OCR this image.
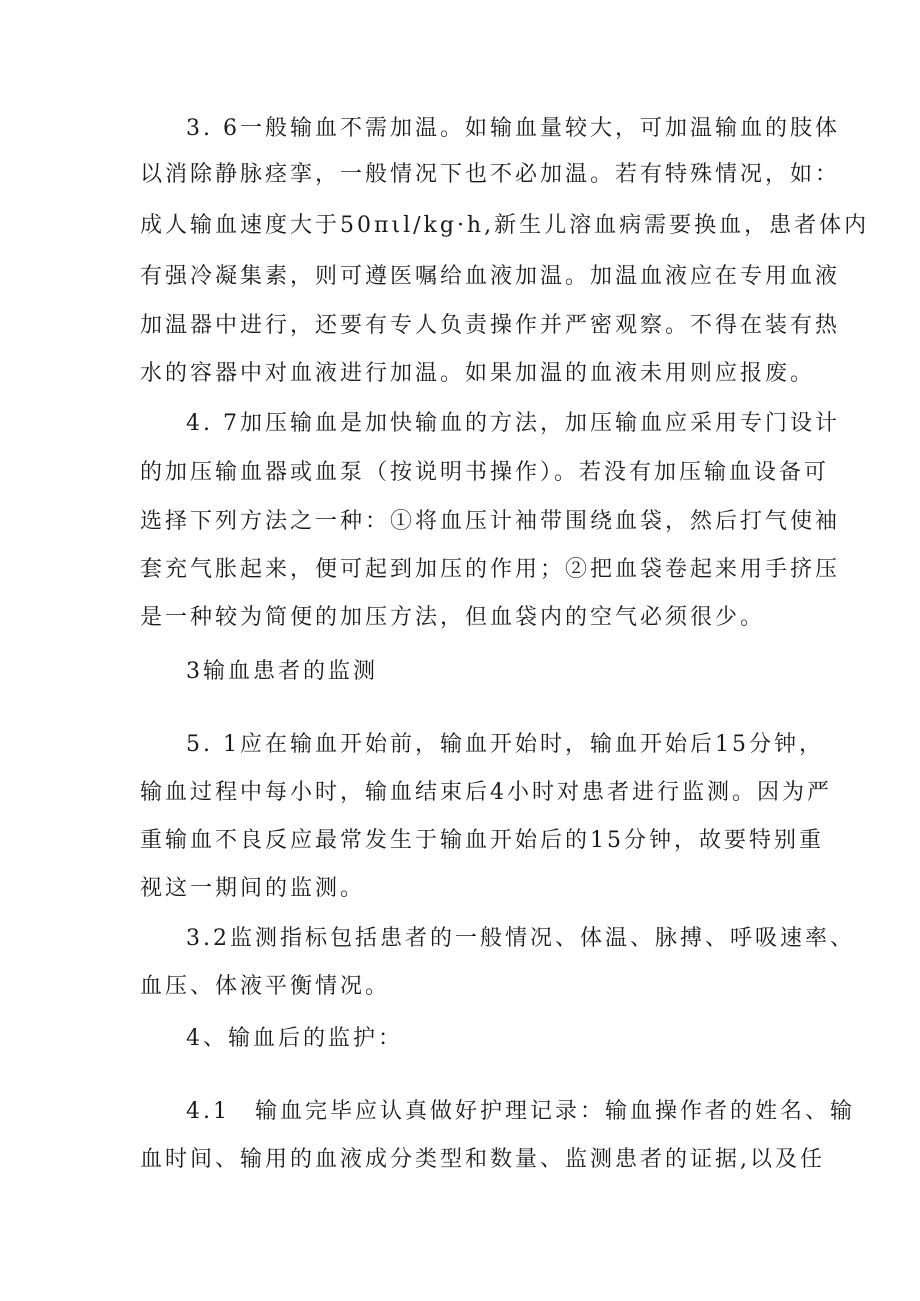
3. 6一般输血不需加温。如输血量较大，可加温输血的肢体
以消除静脉痉挛，一般情况下也不必加温。若有特殊情况，如：
成人输血速度大于50πιl∕kg·h,新生儿溶血病需要换血，患者体内
有强冷凝集素，则可遵医嘱给血液加温。加温血液应在专用血液
加温器中进行，还要有专人负责操作并严密观察。不得在装有热
水的容器中对血液进行加温。如果加温的血液未用则应报废。
4. 7加压输血是加快输血的方法，加压输血应采用专门设计
的加压输血器或血泵（按说明书操作）。若没有加压输血设备可
选择下列方法之一种：①将血压计袖带围绕血袋，然后打气使袖
套充气胀起来，便可起到加压的作用；②把血袋卷起来用手挤压
是一种较为简便的加压方法，但血袋内的空气必须很少。
3输血患者的监测
5. 1应在输血开始前，输血开始时，输血开始后15分钟，
输血过程中每小时，输血结束后4小时对患者进行监测。因为严
重输血不良反应最常发生于输血开始后的15分钟，故要特别重
视这一期间的监测。
3.2监测指标包括患者的一般情况、体温、脉搏、呼吸速率、
血压、体液平衡情况。
4、输血后的监护：
4.1　输血完毕应认真做好护理记录：输血操作者的姓名、输
血时间、输用的血液成分类型和数量、监测患者的证据,以及任
